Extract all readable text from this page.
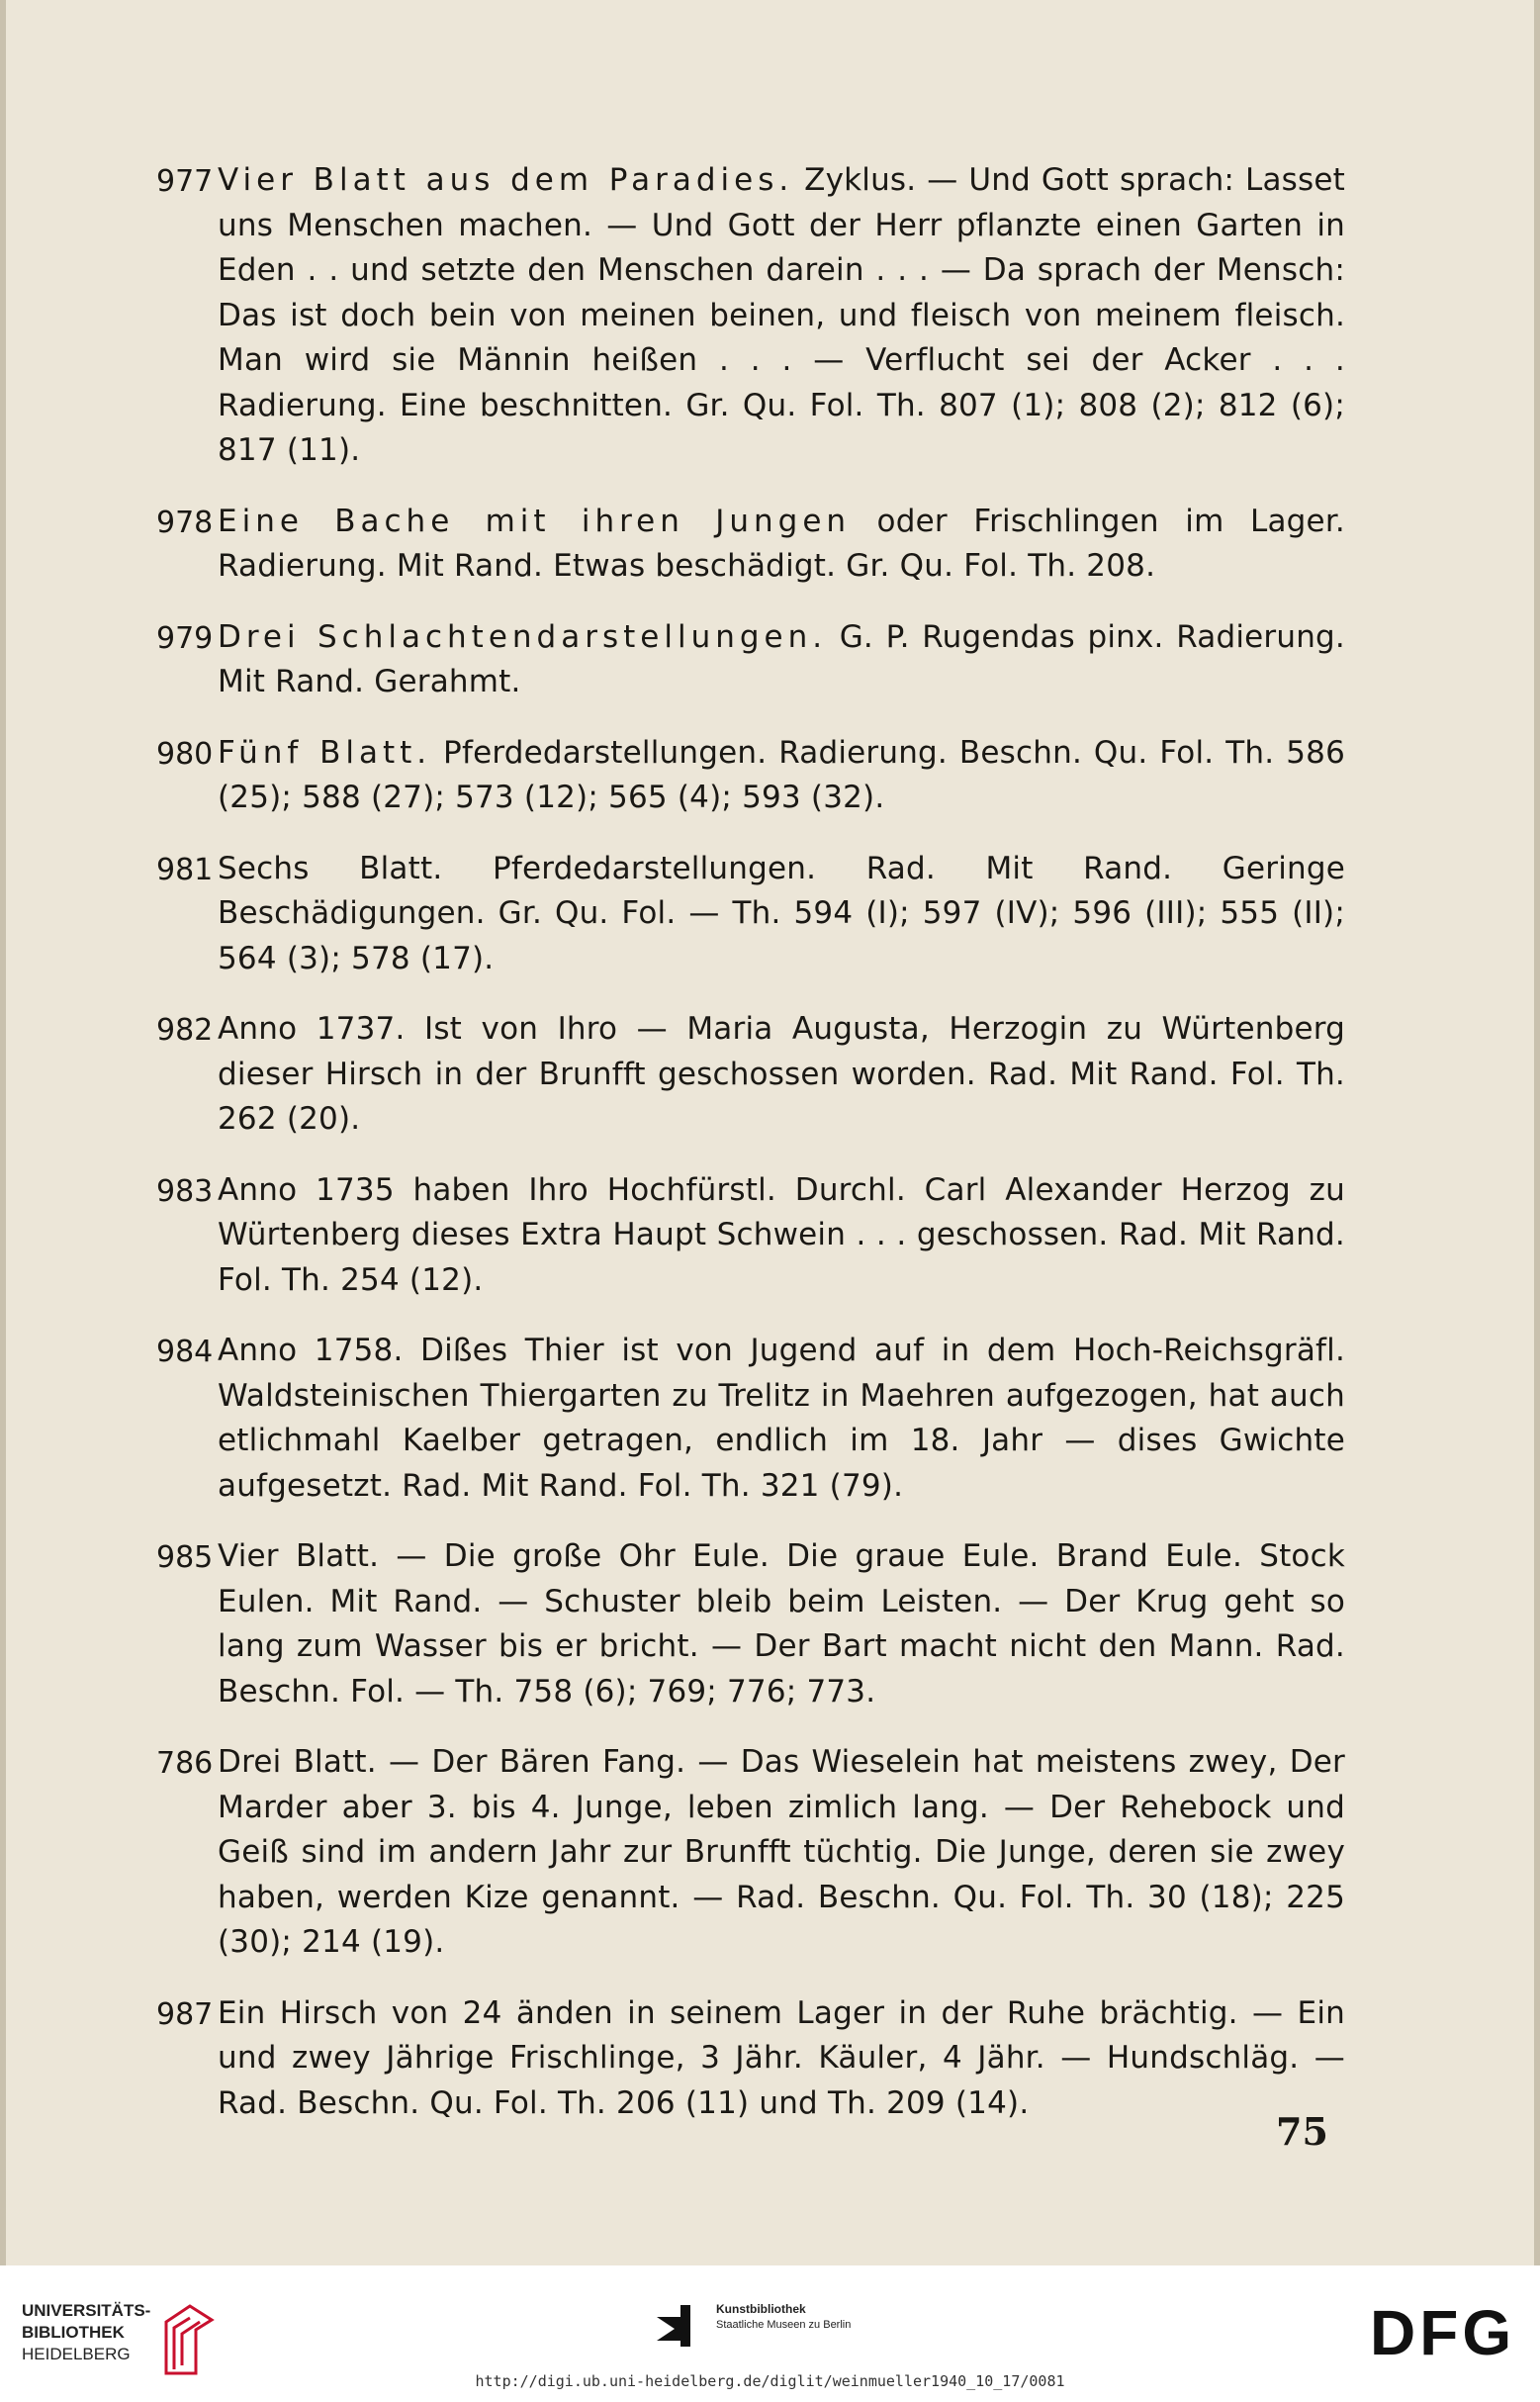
977 Vier Blatt aus dem Paradies. Zyklus. — Und Gott sprach: Lasset uns Menschen machen. — Und Gott der Herr pflanzte einen Garten in Eden . . und setzte den Menschen darein . . . — Da sprach der Mensch: Das ist doch bein von meinen beinen, und fleisch von meinem fleisch. Man wird sie Männin heißen . . . — Verflucht sei der Acker . . . Radierung. Eine beschnitten. Gr. Qu. Fol. Th. 807 (1); 808 (2); 812 (6); 817 (11).
978 Eine Bache mit ihren Jungen oder Frischlingen im Lager. Radierung. Mit Rand. Etwas beschädigt. Gr. Qu. Fol. Th. 208.
979 Drei Schlachtendarstellungen. G. P. Rugendas pinx. Radierung. Mit Rand. Gerahmt.
980 Fünf Blatt. Pferdedarstellungen. Radierung. Beschn. Qu. Fol. Th. 586 (25); 588 (27); 573 (12); 565 (4); 593 (32).
981 Sechs Blatt. Pferdedarstellungen. Rad. Mit Rand. Geringe Beschädigungen. Gr. Qu. Fol. — Th. 594 (I); 597 (IV); 596 (III); 555 (II); 564 (3); 578 (17).
982 Anno 1737. Ist von Ihro — Maria Augusta, Herzogin zu Würtenberg dieser Hirsch in der Brunfft geschossen worden. Rad. Mit Rand. Fol. Th. 262 (20).
983 Anno 1735 haben Ihro Hochfürstl. Durchl. Carl Alexander Herzog zu Würtenberg dieses Extra Haupt Schwein . . . geschossen. Rad. Mit Rand. Fol. Th. 254 (12).
984 Anno 1758. Dißes Thier ist von Jugend auf in dem Hoch-Reichsgräfl. Waldsteinischen Thiergarten zu Trelitz in Maehren aufgezogen, hat auch etlichmahl Kaelber getragen, endlich im 18. Jahr — dises Gwichte aufgesetzt. Rad. Mit Rand. Fol. Th. 321 (79).
985 Vier Blatt. — Die große Ohr Eule. Die graue Eule. Brand Eule. Stock Eulen. Mit Rand. — Schuster bleib beim Leisten. — Der Krug geht so lang zum Wasser bis er bricht. — Der Bart macht nicht den Mann. Rad. Beschn. Fol. — Th. 758 (6); 769; 776; 773.
786 Drei Blatt. — Der Bären Fang. — Das Wieselein hat meistens zwey, Der Marder aber 3. bis 4. Junge, leben zimlich lang. — Der Rehebock und Geiß sind im andern Jahr zur Brunfft tüchtig. Die Junge, deren sie zwey haben, werden Kize genannt. — Rad. Beschn. Qu. Fol. Th. 30 (18); 225 (30); 214 (19).
987 Ein Hirsch von 24 änden in seinem Lager in der Ruhe brächtig. — Ein und zwey Jährige Frischlinge, 3 Jähr. Käuler, 4 Jähr. — Hundschläg. — Rad. Beschn. Qu. Fol. Th. 206 (11) und Th. 209 (14).
75
UNIVERSITÄTS-
BIBLIOTHEK
HEIDELBERG
Kunstbibliothek
Staatliche Museen zu Berlin	DFG
http://digi.ub.uni-heidelberg.de/diglit/weinmueller1940_10_17/0081
